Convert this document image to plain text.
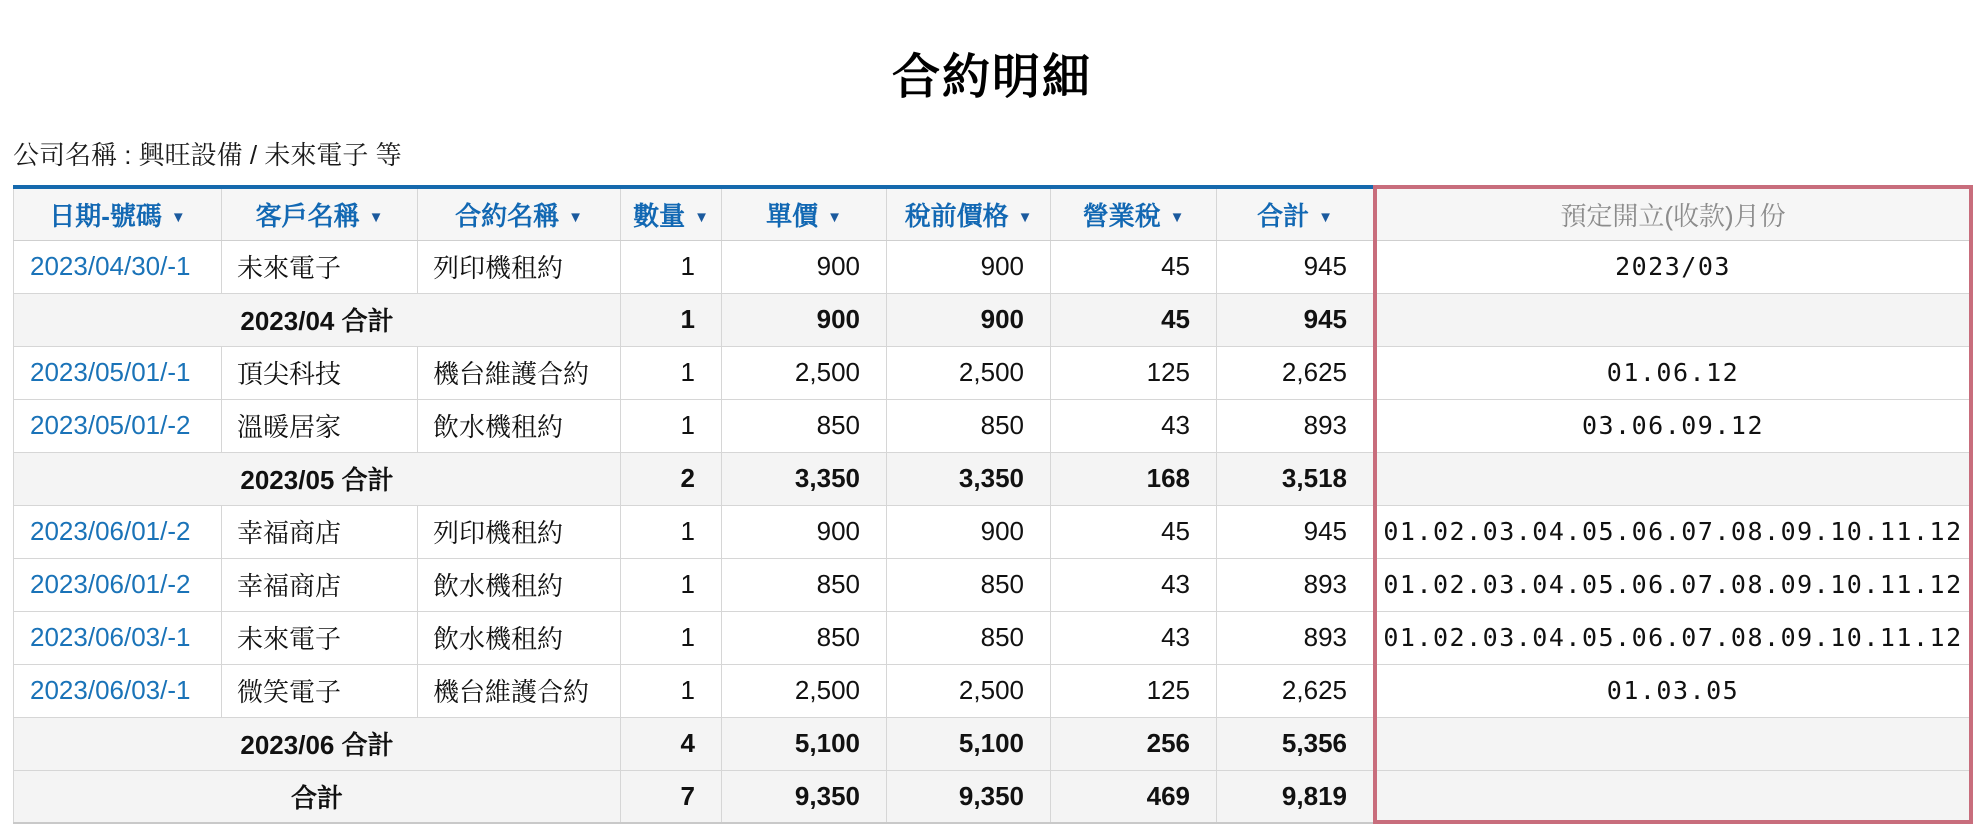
合約明細
公司名稱 : 興旺設備 / 未來電子 等
日期-號碼 ▼	客戶名稱 ▼	合約名稱 ▼	數量 ▼	單價 ▼	稅前價格 ▼	營業稅 ▼	合計 ▼	預定開立(收款)月份
2023/04/30/-1	未來電子	列印機租約	1	900	900	45	945	2023/03
2023/04 合計			1	900	900	45	945	
2023/05/01/-1	頂尖科技	機台維護合約	1	2,500	2,500	125	2,625	01.06.12
2023/05/01/-2	溫暖居家	飲水機租約	1	850	850	43	893	03.06.09.12
2023/05 合計			2	3,350	3,350	168	3,518	
2023/06/01/-2	幸福商店	列印機租約	1	900	900	45	945	01.02.03.04.05.06.07.08.09.10.11.12
2023/06/01/-2	幸福商店	飲水機租約	1	850	850	43	893	01.02.03.04.05.06.07.08.09.10.11.12
2023/06/03/-1	未來電子	飲水機租約	1	850	850	43	893	01.02.03.04.05.06.07.08.09.10.11.12
2023/06/03/-1	微笑電子	機台維護合約	1	2,500	2,500	125	2,625	01.03.05
2023/06 合計			4	5,100	5,100	256	5,356	
合計			7	9,350	9,350	469	9,819	
